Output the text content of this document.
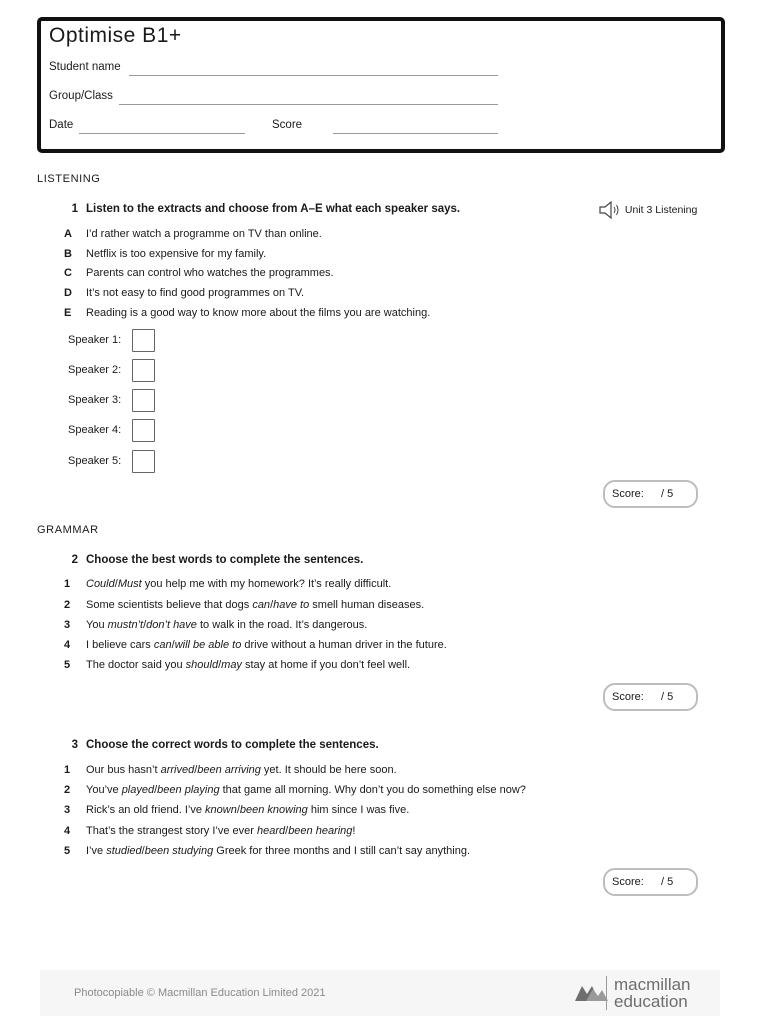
Optimise B1+
Student name
Group/Class
Date	Score
LISTENING
1 Listen to the extracts and choose from A–E what each speaker says.	Unit 3 Listening
A I’d rather watch a programme on TV than online.
B Netflix is too expensive for my family.
C Parents can control who watches the programmes.
D It’s not easy to find good programmes on TV.
E Reading is a good way to know more about the films you are watching.
Speaker 1:
Speaker 2:
Speaker 3:
Speaker 4:
Speaker 5:
Score: / 5
GRAMMAR
2 Choose the best words to complete the sentences.
1 Could/Must you help me with my homework? It’s really difficult.
2 Some scientists believe that dogs can/have to smell human diseases.
3 You mustn’t/don’t have to walk in the road. It’s dangerous.
4 I believe cars can/will be able to drive without a human driver in the future.
5 The doctor said you should/may stay at home if you don’t feel well.
Score: / 5
3 Choose the correct words to complete the sentences.
1 Our bus hasn’t arrived/been arriving yet. It should be here soon.
2 You’ve played/been playing that game all morning. Why don’t you do something else now?
3 Rick’s an old friend. I’ve known/been knowing him since I was five.
4 That’s the strangest story I’ve ever heard/been hearing!
5 I’ve studied/been studying Greek for three months and I still can’t say anything.
Score: / 5
Photocopiable © Macmillan Education Limited 2021	macmillan
education
